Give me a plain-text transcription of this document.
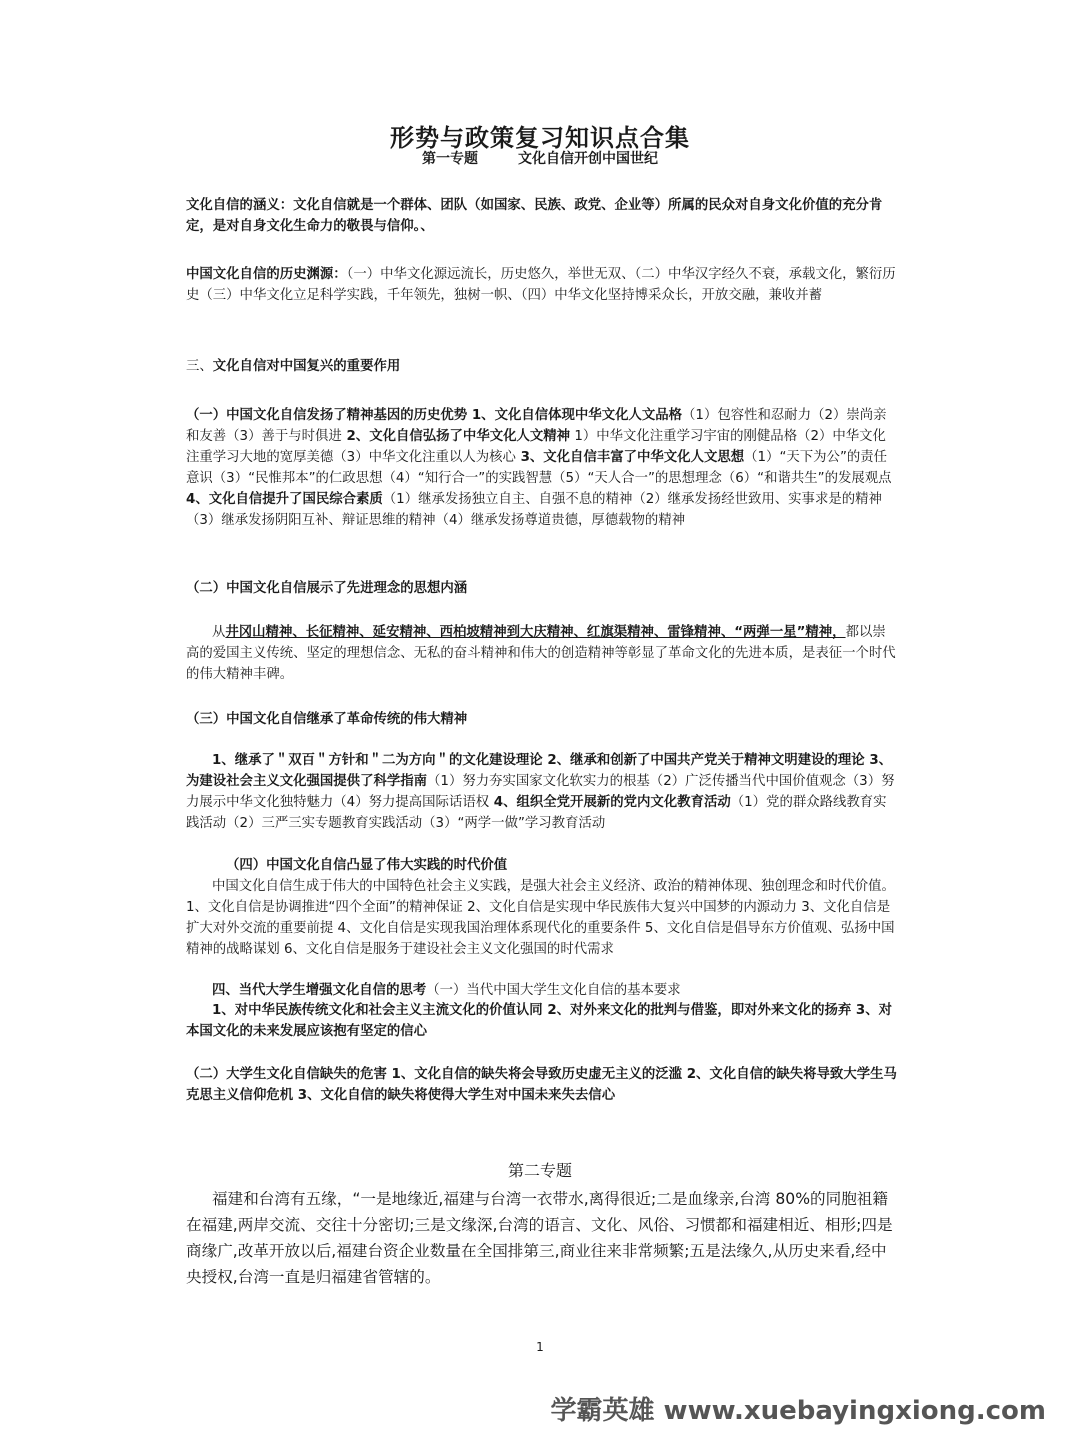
形势与政策复习知识点合集
第一专题	文化自信开创中国世纪
文化自信的涵义：文化自信就是一个群体、团队（如国家、民族、政党、企业等）所属的民众对自身文化价值的充分肯定，是对自身文化生命力的敬畏与信仰。、
中国文化自信的历史渊源：（一）中华文化源远流长，历史悠久，举世无双、（二）中华汉字经久不衰，承载文化，繁衍历史（三）中华文化立足科学实践，千年领先，独树一帜、（四）中华文化坚持博采众长，开放交融，兼收并蓄
三、文化自信对中国复兴的重要作用
（一）中国文化自信发扬了精神基因的历史优势 1、文化自信体现中华文化人文品格（1）包容性和忍耐力（2）崇尚亲和友善（3）善于与时俱进 2、文化自信弘扬了中华文化人文精神 1）中华文化注重学习宇宙的刚健品格（2）中华文化注重学习大地的宽厚美德（3）中华文化注重以人为核心 3、文化自信丰富了中华文化人文思想（1）“天下为公”的责任意识（3）“民惟邦本”的仁政思想（4）“知行合一”的实践智慧（5）“天人合一”的思想理念（6）“和谐共生”的发展观点 4、文化自信提升了国民综合素质（1）继承发扬独立自主、自强不息的精神（2）继承发扬经世致用、实事求是的精神（3）继承发扬阴阳互补、辩证思维的精神（4）继承发扬尊道贵德，厚德载物的精神
（二）中国文化自信展示了先进理念的思想内涵
从井冈山精神、长征精神、延安精神、西柏坡精神到大庆精神、红旗渠精神、雷锋精神、“两弹一星”精神，都以崇高的爱国主义传统、坚定的理想信念、无私的奋斗精神和伟大的创造精神等彰显了革命文化的先进本质，是表征一个时代的伟大精神丰碑。
（三）中国文化自信继承了革命传统的伟大精神
1、继承了＂双百＂方针和＂二为方向＂的文化建设理论 2、继承和创新了中国共产党关于精神文明建设的理论 3、为建设社会主义文化强国提供了科学指南（1）努力夯实国家文化软实力的根基（2）广泛传播当代中国价值观念（3）努力展示中华文化独特魅力（4）努力提高国际话语权 4、组织全党开展新的党内文化教育活动（1）党的群众路线教育实践活动（2）三严三实专题教育实践活动（3）“两学一做”学习教育活动
（四）中国文化自信凸显了伟大实践的时代价值
中国文化自信生成于伟大的中国特色社会主义实践，是强大社会主义经济、政治的精神体现、独创理念和时代价值。1、文化自信是协调推进“四个全面”的精神保证 2、文化自信是实现中华民族伟大复兴中国梦的内源动力 3、文化自信是扩大对外交流的重要前提 4、文化自信是实现我国治理体系现代化的重要条件 5、文化自信是倡导东方价值观、弘扬中国精神的战略谋划 6、文化自信是服务于建设社会主义文化强国的时代需求
四、当代大学生增强文化自信的思考（一）当代中国大学生文化自信的基本要求
1、对中华民族传统文化和社会主义主流文化的价值认同 2、对外来文化的批判与借鉴，即对外来文化的扬弃 3、对本国文化的未来发展应该抱有坚定的信心
（二）大学生文化自信缺失的危害 1、文化自信的缺失将会导致历史虚无主义的泛滥 2、文化自信的缺失将导致大学生马克思主义信仰危机 3、文化自信的缺失将使得大学生对中国未来失去信心
第二专题
福建和台湾有五缘，“一是地缘近,福建与台湾一衣带水,离得很近;二是血缘亲,台湾 80%的同胞祖籍在福建,两岸交流、交往十分密切;三是文缘深,台湾的语言、文化、风俗、习惯都和福建相近、相形;四是商缘广,改革开放以后,福建台资企业数量在全国排第三,商业往来非常频繁;五是法缘久,从历史来看,经中央授权,台湾一直是归福建省管辖的。
1
学霸英雄 www.xuebayingxiong.com
